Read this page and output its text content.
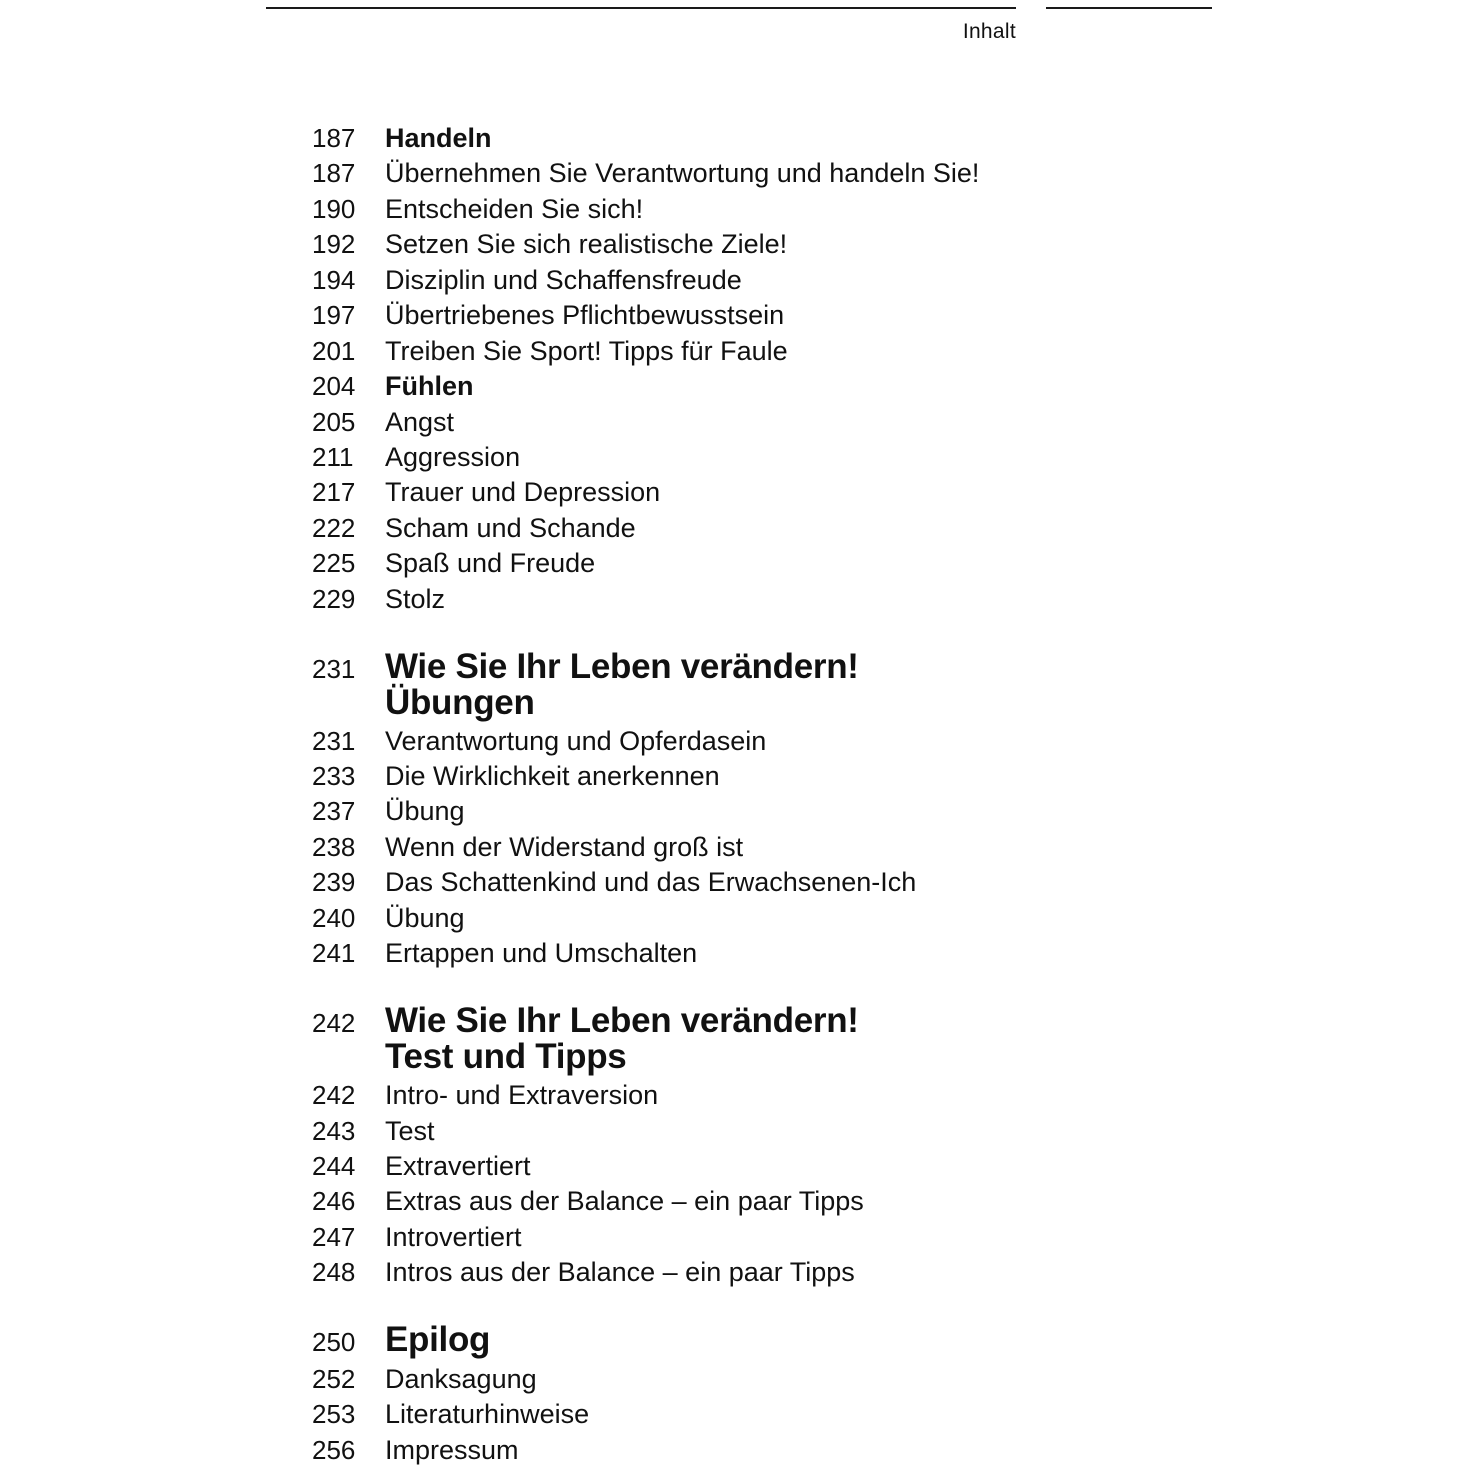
Inhalt
187	Handeln
187	Übernehmen Sie Verantwortung und handeln Sie!
190	Entscheiden Sie sich!
192	Setzen Sie sich realistische Ziele!
194	Disziplin und Schaffensfreude
197	Übertriebenes Pflichtbewusstsein
201	Treiben Sie Sport! Tipps für Faule
204	Fühlen
205	Angst
211	Aggression
217	Trauer und Depression
222	Scham und Schande
225	Spaß und Freude
229	Stolz
231 Wie Sie Ihr Leben verändern!
Übungen
231	Verantwortung und Opferdasein
233	Die Wirklichkeit anerkennen
237	Übung
238	Wenn der Widerstand groß ist
239	Das Schattenkind und das Erwachsenen-Ich
240	Übung
241	Ertappen und Umschalten
242 Wie Sie Ihr Leben verändern!
Test und Tipps
242	Intro- und Extraversion
243	Test
244	Extravertiert
246	Extras aus der Balance – ein paar Tipps
247	Introvertiert
248	Intros aus der Balance – ein paar Tipps
250 Epilog
252	Danksagung
253	Literaturhinweise
256	Impressum
